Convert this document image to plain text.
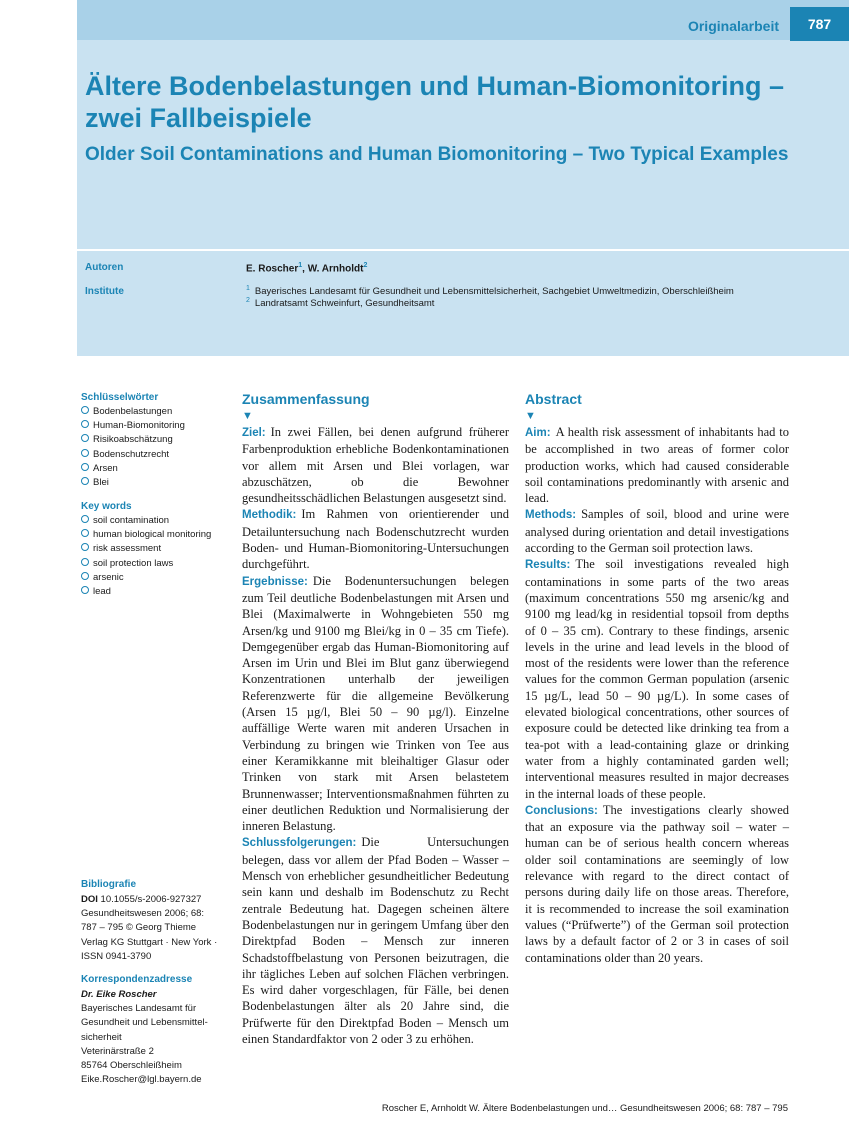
Originalarbeit	787
Ältere Bodenbelastungen und Human-Biomonitoring –
zwei Fallbeispiele
Older Soil Contaminations and Human Biomonitoring – Two Typical Examples
Autoren	E. Roscher$^1$, W. Arnholdt$^2$
Institute	$^1$ Bayerisches Landesamt für Gesundheit und Lebensmittelsicherheit, Sachgebiet Umweltmedizin, Oberschleißheim
$^2$ Landratsamt Schweinfurt, Gesundheitsamt
Schlüsselwörter
Bodenbelastungen
Human-Biomonitoring
Risikoabschätzung
Bodenschutzrecht
Arsen
Blei
Key words
soil contamination
human biological monitoring
risk assessment
soil protection laws
arsenic
lead
Bibliografie
DOI 10.1055/s-2006-927327
Gesundheitswesen 2006; 68:
787 – 795 © Georg Thieme
Verlag KG Stuttgart · New York ·
ISSN 0941-3790
Korrespondenzadresse
Dr. Eike Roscher
Bayerisches Landesamt für
Gesundheit und Lebensmittel-
sicherheit
Veterinärstraße 2
85764 Oberschleißheim
Eike.Roscher@lgl.bayern.de
Zusammenfassung
▼

Ziel: In zwei Fällen, bei denen aufgrund früherer Farbenproduktion erhebliche Bodenkontaminationen vor allem mit Arsen und Blei vorlagen, war abzuschätzen, ob die Bewohner gesundheitsschädlichen Belastungen ausgesetzt sind.

Methodik: Im Rahmen von orientierender und Detailuntersuchung nach Bodenschutzrecht wurden Boden- und Human-Biomonitoring-Untersuchungen durchgeführt.

Ergebnisse: Die Bodenuntersuchungen belegen zum Teil deutliche Bodenbelastungen mit Arsen und Blei (Maximalwerte in Wohngebieten 550 mg Arsen/kg und 9100 mg Blei/kg in 0 – 35 cm Tiefe). Demgegenüber ergab das Human-Biomonitoring auf Arsen im Urin und Blei im Blut ganz überwiegend Konzentrationen unterhalb der jeweiligen Referenzwerte für die allgemeine Bevölkerung (Arsen 15 µg/l, Blei 50 – 90 µg/l). Einzelne auffällige Werte waren mit anderen Ursachen in Verbindung zu bringen wie Trinken von Tee aus einer Keramikkanne mit bleihaltiger Glasur oder Trinken von stark mit Arsen belastetem Brunnenwasser; Interventionsmaßnahmen führten zu einer deutlichen Reduktion und Normalisierung der inneren Belastung.

Schlussfolgerungen: Die Untersuchungen belegen, dass vor allem der Pfad Boden – Wasser – Mensch von erheblicher gesundheitlicher Bedeutung sein kann und deshalb im Bodenschutz zu Recht zentrale Bedeutung hat. Dagegen scheinen ältere Bodenbelastungen nur in geringem Umfang über den Direktpfad Boden – Mensch zur inneren Schadstoffbelastung von Personen beizutragen, die ihr tägliches Leben auf solchen Flächen verbringen. Es wird daher vorgeschlagen, für Fälle, bei denen Bodenbelastungen älter als 20 Jahre sind, die Prüfwerte für den Direktpfad Boden – Mensch um einen Standardfaktor von 2 oder 3 zu erhöhen.

Abstract
▼

Aim: A health risk assessment of inhabitants had to be accomplished in two areas of former color production works, which had caused considerable soil contaminations predominantly with arsenic and lead.

Methods: Samples of soil, blood and urine were analysed during orientation and detail investigations according to the German soil protection laws.

Results: The soil investigations revealed high contaminations in some parts of the two areas (maximum concentrations 550 mg arsenic/kg and 9100 mg lead/kg in residential topsoil from depths of 0 – 35 cm). Contrary to these findings, arsenic levels in the urine and lead levels in the blood of most of the residents were lower than the reference values for the common German population (arsenic 15 µg/L, lead 50 – 90 µg/L). In some cases of elevated biological concentrations, other sources of exposure could be detected like drinking tea from a tea-pot with a lead-containing glaze or drinking water from a highly contaminated garden well; interventional measures resulted in major decreases in the internal loads of these people.

Conclusions: The investigations clearly showed that an exposure via the pathway soil – water – human can be of serious health concern whereas older soil contaminations are seemingly of low relevance with regard to the direct contact of persons during daily life on those areas. Therefore, it is recommended to increase the soil examination values (“Prüfwerte”) of the German soil protection laws by a default factor of 2 or 3 in cases of soil contaminations older than 20 years.

Roscher E, Arnholdt W. Ältere Bodenbelastungen und… Gesundheitswesen 2006; 68: 787 – 795
